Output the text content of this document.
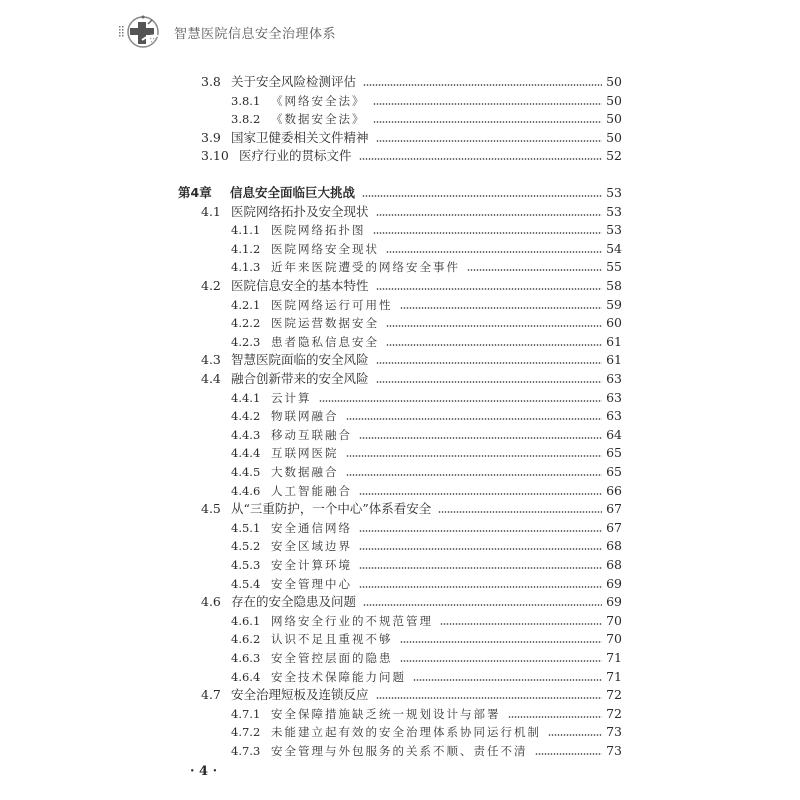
智慧医院信息安全治理体系
3.8 关于安全风险检测评估	50
3.8.1 《网络安全法》	50
3.8.2 《数据安全法》	50
3.9 国家卫健委相关文件精神	50
3.10 医疗行业的贯标文件	52
第4章	信息安全面临巨大挑战	53
4.1 医院网络拓扑及安全现状	53
4.1.1 医院网络拓扑图	53
4.1.2 医院网络安全现状	54
4.1.3 近年来医院遭受的网络安全事件	55
4.2 医院信息安全的基本特性	58
4.2.1 医院网络运行可用性	59
4.2.2 医院运营数据安全	60
4.2.3 患者隐私信息安全	61
4.3 智慧医院面临的安全风险	61
4.4 融合创新带来的安全风险	63
4.4.1 云计算	63
4.4.2 物联网融合	63
4.4.3 移动互联融合	64
4.4.4 互联网医院	65
4.4.5 大数据融合	65
4.4.6 人工智能融合	66
4.5 从“三重防护，一个中心”体系看安全	67
4.5.1 安全通信网络	67
4.5.2 安全区域边界	68
4.5.3 安全计算环境	68
4.5.4 安全管理中心	69
4.6 存在的安全隐患及问题	69
4.6.1 网络安全行业的不规范管理	70
4.6.2 认识不足且重视不够	70
4.6.3 安全管控层面的隐患	71
4.6.4 安全技术保障能力问题	71
4.7 安全治理短板及连锁反应	72
4.7.1 安全保障措施缺乏统一规划设计与部署	72
4.7.2 未能建立起有效的安全治理体系协同运行机制	73
4.7.3 安全管理与外包服务的关系不顺、责任不清	73
· 4 ·
